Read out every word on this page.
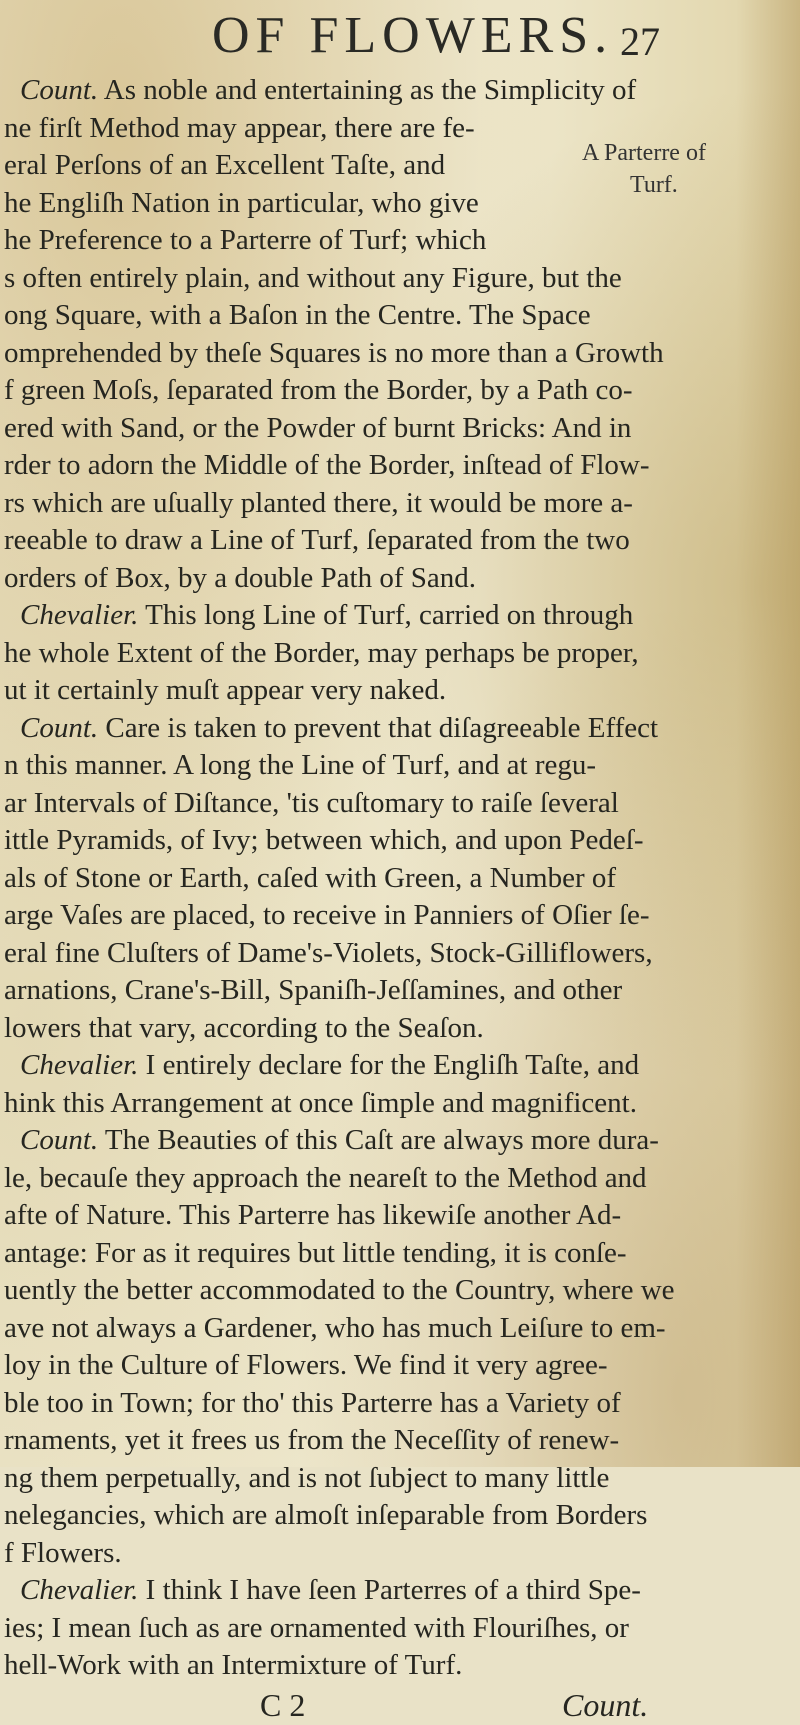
OF FLOWERS. 27
A Parterre of
Turf.
Count. As noble and entertaining as the Simplicity of
ne firſt Method may appear, there are fe-
eral Perſons of an Excellent Taſte, and
he Engliſh Nation in particular, who give
he Preference to a Parterre of Turf; which
s often entirely plain, and without any Figure, but the
ong Square, with a Baſon in the Centre. The Space
omprehended by theſe Squares is no more than a Growth
f green Moſs, ſeparated from the Border, by a Path co-
ered with Sand, or the Powder of burnt Bricks: And in
rder to adorn the Middle of the Border, inſtead of Flow-
rs which are uſually planted there, it would be more a-
reeable to draw a Line of Turf, ſeparated from the two
orders of Box, by a double Path of Sand.
Chevalier. This long Line of Turf, carried on through
he whole Extent of the Border, may perhaps be proper,
ut it certainly muſt appear very naked.
Count. Care is taken to prevent that diſagreeable Effect
n this manner. A long the Line of Turf, and at regu-
ar Intervals of Diſtance, 'tis cuſtomary to raiſe ſeveral
ittle Pyramids, of Ivy; between which, and upon Pedeſ-
als of Stone or Earth, caſed with Green, a Number of
arge Vaſes are placed, to receive in Panniers of Oſier ſe-
eral fine Cluſters of Dame's-Violets, Stock-Gilliflowers,
arnations, Crane's-Bill, Spaniſh-Jeſſamines, and other
lowers that vary, according to the Seaſon.
Chevalier. I entirely declare for the Engliſh Taſte, and
hink this Arrangement at once ſimple and magnificent.
Count. The Beauties of this Caſt are always more dura-
le, becauſe they approach the neareſt to the Method and
afte of Nature. This Parterre has likewiſe another Ad-
antage: For as it requires but little tending, it is conſe-
uently the better accommodated to the Country, where we
ave not always a Gardener, who has much Leiſure to em-
loy in the Culture of Flowers. We find it very agree-
ble too in Town; for tho' this Parterre has a Variety of
rnaments, yet it frees us from the Neceſſity of renew-
ng them perpetually, and is not ſubject to many little
nelegancies, which are almoſt inſeparable from Borders
f Flowers.
Chevalier. I think I have ſeen Parterres of a third Spe-
ies; I mean ſuch as are ornamented with Flouriſhes, or
hell-Work with an Intermixture of Turf.
C 2	Count.
